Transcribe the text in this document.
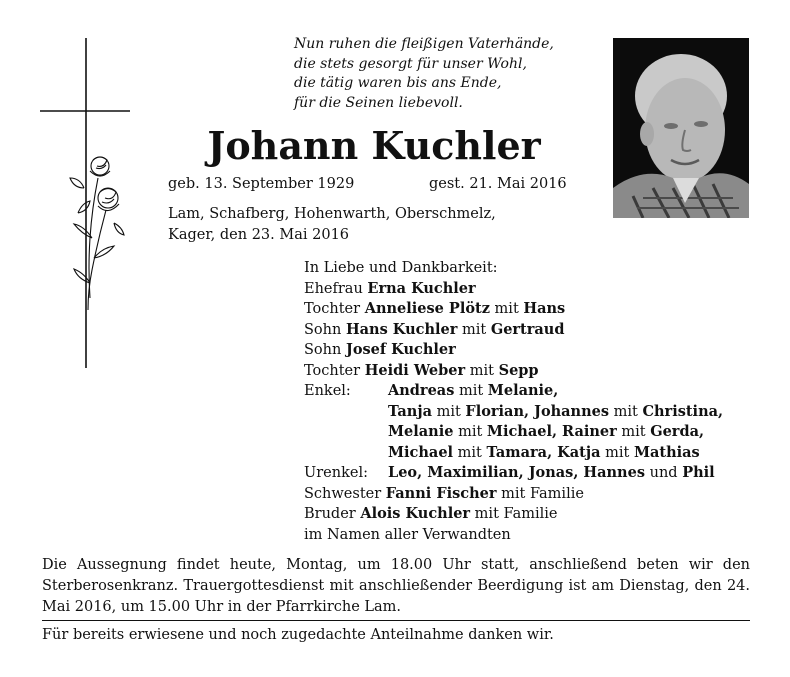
Nun ruhen die fleißigen Vaterhände,
die stets gesorgt für unser Wohl,
die tätig waren bis ans Ende,
für die Seinen liebevoll.
Johann Kuchler
geb. 13. September 1929	gest. 21. Mai 2016
Lam, Schafberg, Hohenwarth, Oberschmelz,
Kager, den 23. Mai 2016
In Liebe und Dankbarkeit:
Ehefrau Erna Kuchler
Tochter Anneliese Plötz mit Hans
Sohn Hans Kuchler mit Gertraud
Sohn Josef Kuchler
Tochter Heidi Weber mit Sepp
Enkel:	Andreas mit Melanie,
Tanja mit Florian, Johannes mit Christina,
Melanie mit Michael, Rainer mit Gerda,
Michael mit Tamara, Katja mit Mathias
Urenkel: Leo, Maximilian, Jonas, Hannes und Phil
Schwester Fanni Fischer mit Familie
Bruder Alois Kuchler mit Familie
im Namen aller Verwandten
Die Aussegnung findet heute, Montag, um 18.00 Uhr statt, anschließend beten wir den Sterberosenkranz. Trauergottesdienst mit anschließender Beerdigung ist am Dienstag, den 24. Mai 2016, um 15.00 Uhr in der Pfarrkirche Lam.
Für bereits erwiesene und noch zugedachte Anteilnahme danken wir.
